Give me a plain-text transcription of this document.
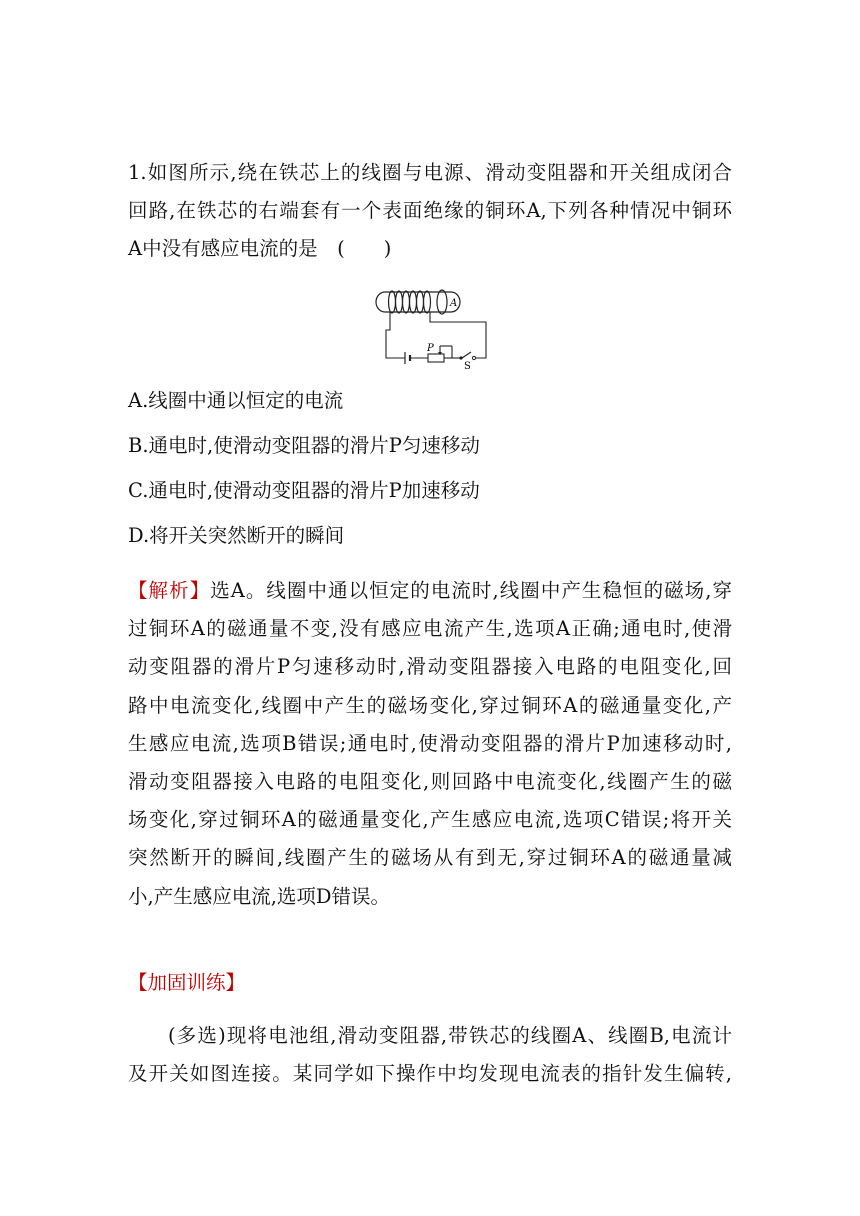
1.如图所示,绕在铁芯上的线圈与电源、滑动变阻器和开关组成闭合
回路,在铁芯的右端套有一个表面绝缘的铜环A,下列各种情况中铜环
A中没有感应电流的是　(　　)
A
P
S
A.线圈中通以恒定的电流
B.通电时,使滑动变阻器的滑片P匀速移动
C.通电时,使滑动变阻器的滑片P加速移动
D.将开关突然断开的瞬间
【解析】选A。线圈中通以恒定的电流时,线圈中产生稳恒的磁场,穿
过铜环A的磁通量不变,没有感应电流产生,选项A正确;通电时,使滑
动变阻器的滑片P匀速移动时,滑动变阻器接入电路的电阻变化,回
路中电流变化,线圈中产生的磁场变化,穿过铜环A的磁通量变化,产
生感应电流,选项B错误;通电时,使滑动变阻器的滑片P加速移动时,
滑动变阻器接入电路的电阻变化,则回路中电流变化,线圈产生的磁
场变化,穿过铜环A的磁通量变化,产生感应电流,选项C错误;将开关
突然断开的瞬间,线圈产生的磁场从有到无,穿过铜环A的磁通量减
小,产生感应电流,选项D错误。
【加固训练】
(多选)现将电池组,滑动变阻器,带铁芯的线圈A、线圈B,电流计
及开关如图连接。某同学如下操作中均发现电流表的指针发生偏转,
